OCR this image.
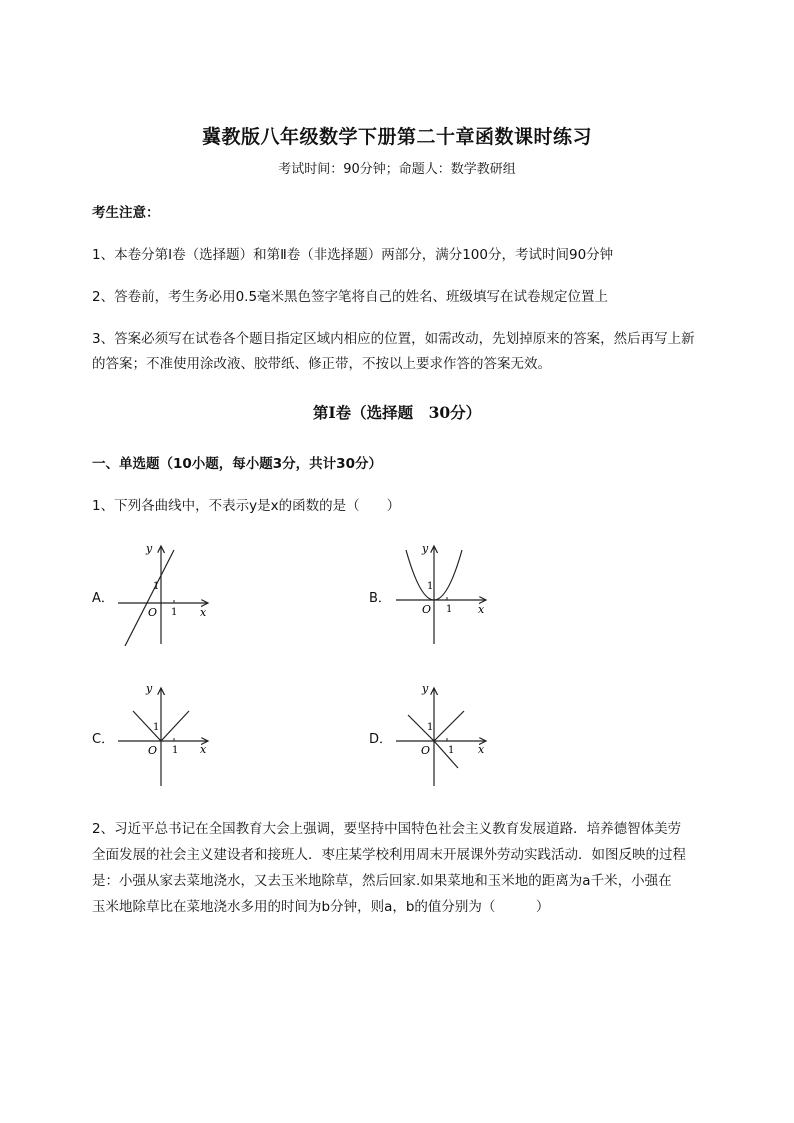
冀教版八年级数学下册第二十章函数课时练习
考试时间：90分钟；命题人：数学教研组
考生注意：
1、本卷分第Ⅰ卷（选择题）和第Ⅱ卷（非选择题）两部分，满分100分，考试时间90分钟
2、答卷前，考生务必用0.5毫米黑色签字笔将自己的姓名、班级填写在试卷规定位置上
3、答案必须写在试卷各个题目指定区域内相应的位置，如需改动，先划掉原来的答案，然后再写上新
的答案；不准使用涂改液、胶带纸、修正带，不按以上要求作答的答案无效。
第Ⅰ卷（选择题　30分）
一、单选题（10小题，每小题3分，共计30分）
1、下列各曲线中，不表示y是x的函数的是（　　）
A．
y
x
O 1
1
B．
y
x
O 1
1
C．
y
x
O 1
1
D．
y
x
O 1
1
2、习近平总书记在全国教育大会上强调，要坚持中国特色社会主义教育发展道路．培养德智体美劳
全面发展的社会主义建设者和接班人．枣庄某学校利用周末开展课外劳动实践活动．如图反映的过程
是：小强从家去菜地浇水，又去玉米地除草，然后回家.如果菜地和玉米地的距离为a千米，小强在
玉米地除草比在菜地浇水多用的时间为b分钟，则a，b的值分别为（　　　）
